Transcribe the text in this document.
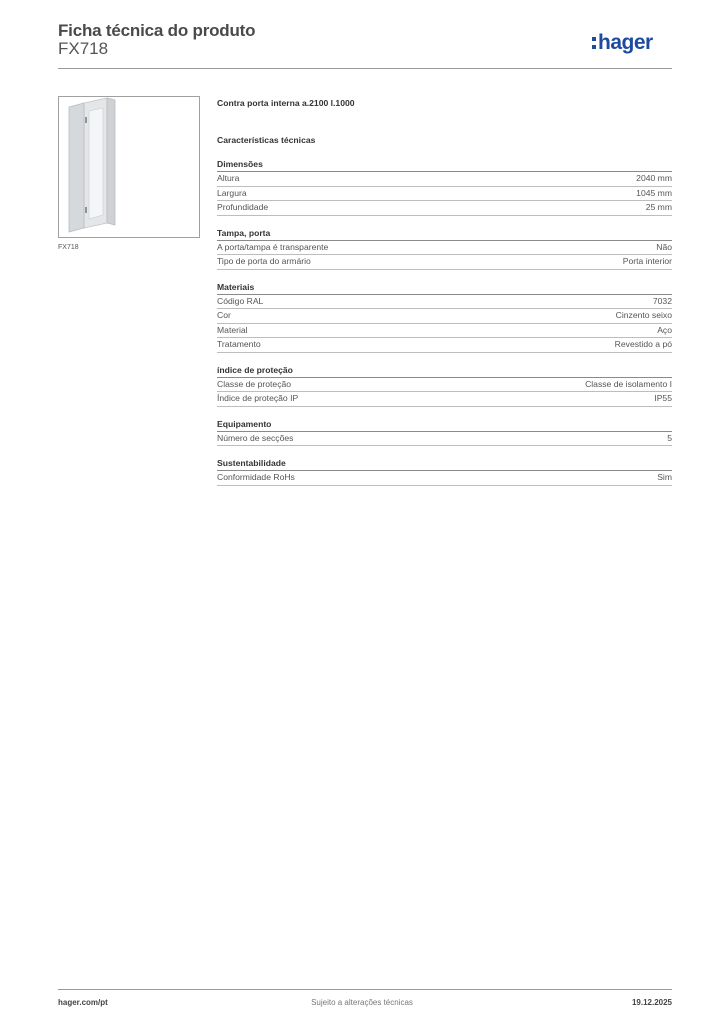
Ficha técnica do produto
FX718	hager
FX718
Contra porta interna a.2100 l.1000
Características técnicas
Dimensões
Altura	2040 mm
Largura	1045 mm
Profundidade	25 mm
Tampa, porta
A porta/tampa é transparente	Não
Tipo de porta do armário	Porta interior
Materiais
Código RAL	7032
Cor	Cinzento seixo
Material	Aço
Tratamento	Revestido a pó
índice de proteção
Classe de proteção	Classe de isolamento I
Índice de proteção IP	IP55
Equipamento
Número de secções	5
Sustentabilidade
Conformidade RoHs	Sim
Sujeito a alterações técnicas
hager.com/pt	19.12.2025
